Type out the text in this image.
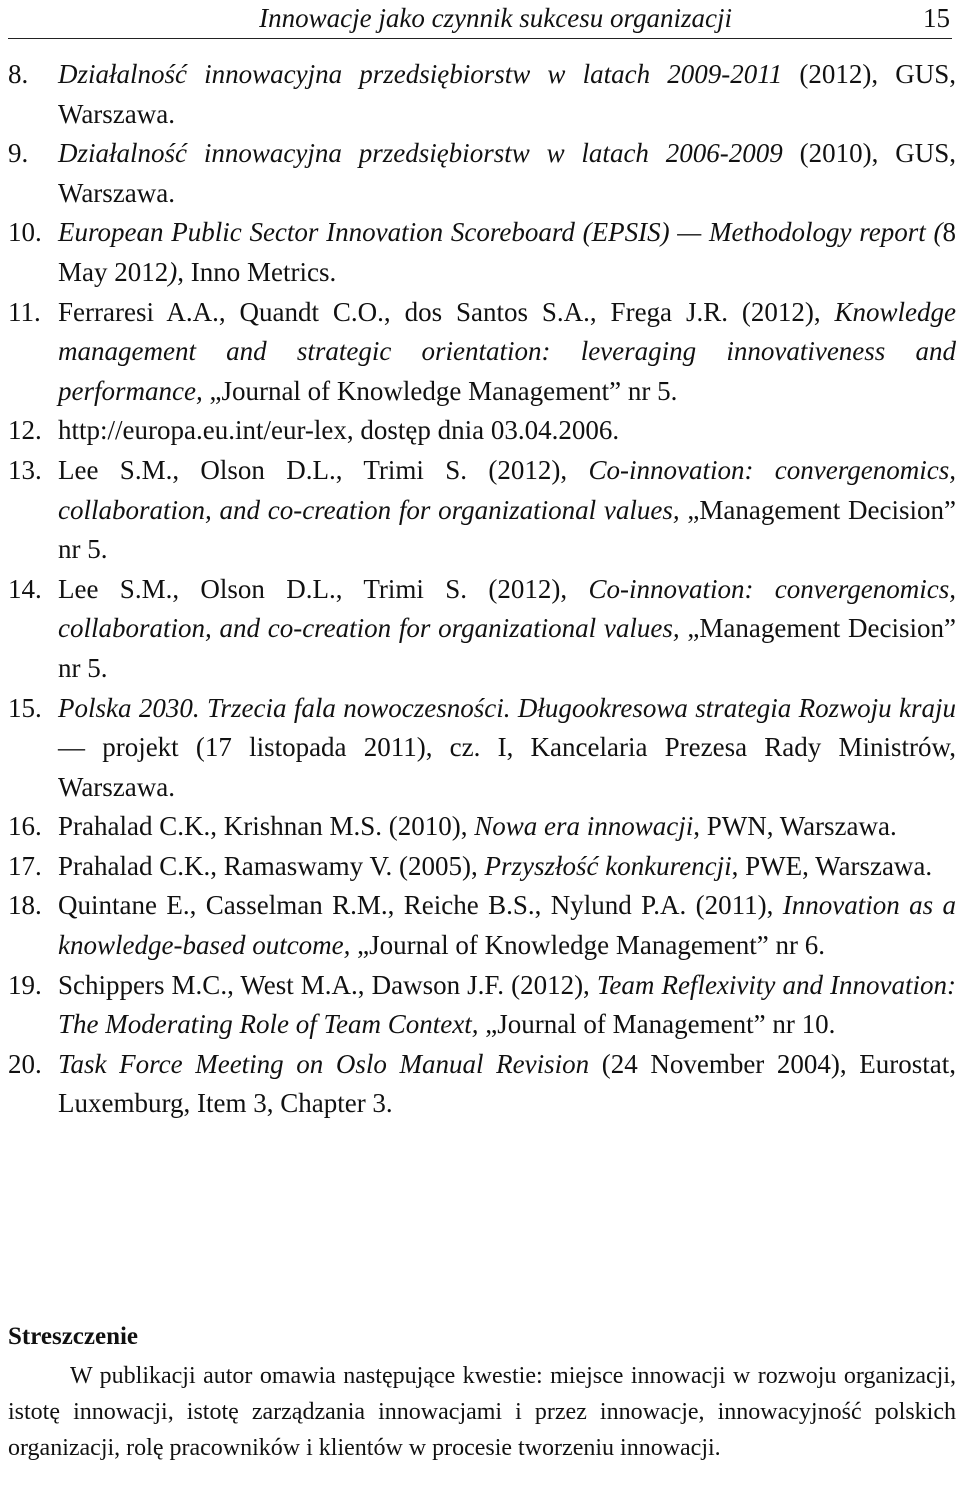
Innowacje jako czynnik sukcesu organizacji	15
8. Działalność innowacyjna przedsiębiorstw w latach 2009-2011 (2012), GUS, Warszawa.
9. Działalność innowacyjna przedsiębiorstw w latach 2006-2009 (2010), GUS, Warszawa.
10. European Public Sector Innovation Scoreboard (EPSIS) — Methodology report (8 May 2012), Inno Metrics.
11. Ferraresi A.A., Quandt C.O., dos Santos S.A., Frega J.R. (2012), Knowledge management and strategic orientation: leveraging innovativeness and performance, „Journal of Knowledge Management” nr 5.
12. http://europa.eu.int/eur-lex, dostęp dnia 03.04.2006.
13. Lee S.M., Olson D.L., Trimi S. (2012), Co-innovation: convergenomics, collaboration, and co-creation for organizational values, „Management Decision” nr 5.
14. Lee S.M., Olson D.L., Trimi S. (2012), Co-innovation: convergenomics, collaboration, and co-creation for organizational values, „Management Decision” nr 5.
15. Polska 2030. Trzecia fala nowoczesności. Długookresowa strategia Rozwoju kraju — projekt (17 listopada 2011), cz. I, Kancelaria Prezesa Rady Ministrów, Warszawa.
16. Prahalad C.K., Krishnan M.S. (2010), Nowa era innowacji, PWN, Warszawa.
17. Prahalad C.K., Ramaswamy V. (2005), Przyszłość konkurencji, PWE, Warszawa.
18. Quintane E., Casselman R.M., Reiche B.S., Nylund P.A. (2011), Innovation as a knowledge-based outcome, „Journal of Knowledge Management” nr 6.
19. Schippers M.C., West M.A., Dawson J.F. (2012), Team Reflexivity and Innovation: The Moderating Role of Team Context, „Journal of Management” nr 10.
20. Task Force Meeting on Oslo Manual Revision (24 November 2004), Eurostat, Luxemburg, Item 3, Chapter 3.
Streszczenie

W publikacji autor omawia następujące kwestie: miejsce innowacji w rozwoju organizacji, istotę innowacji, istotę zarządzania innowacjami i przez innowacje, innowacyjność polskich organizacji, rolę pracowników i klientów w procesie tworzeniu innowacji.
